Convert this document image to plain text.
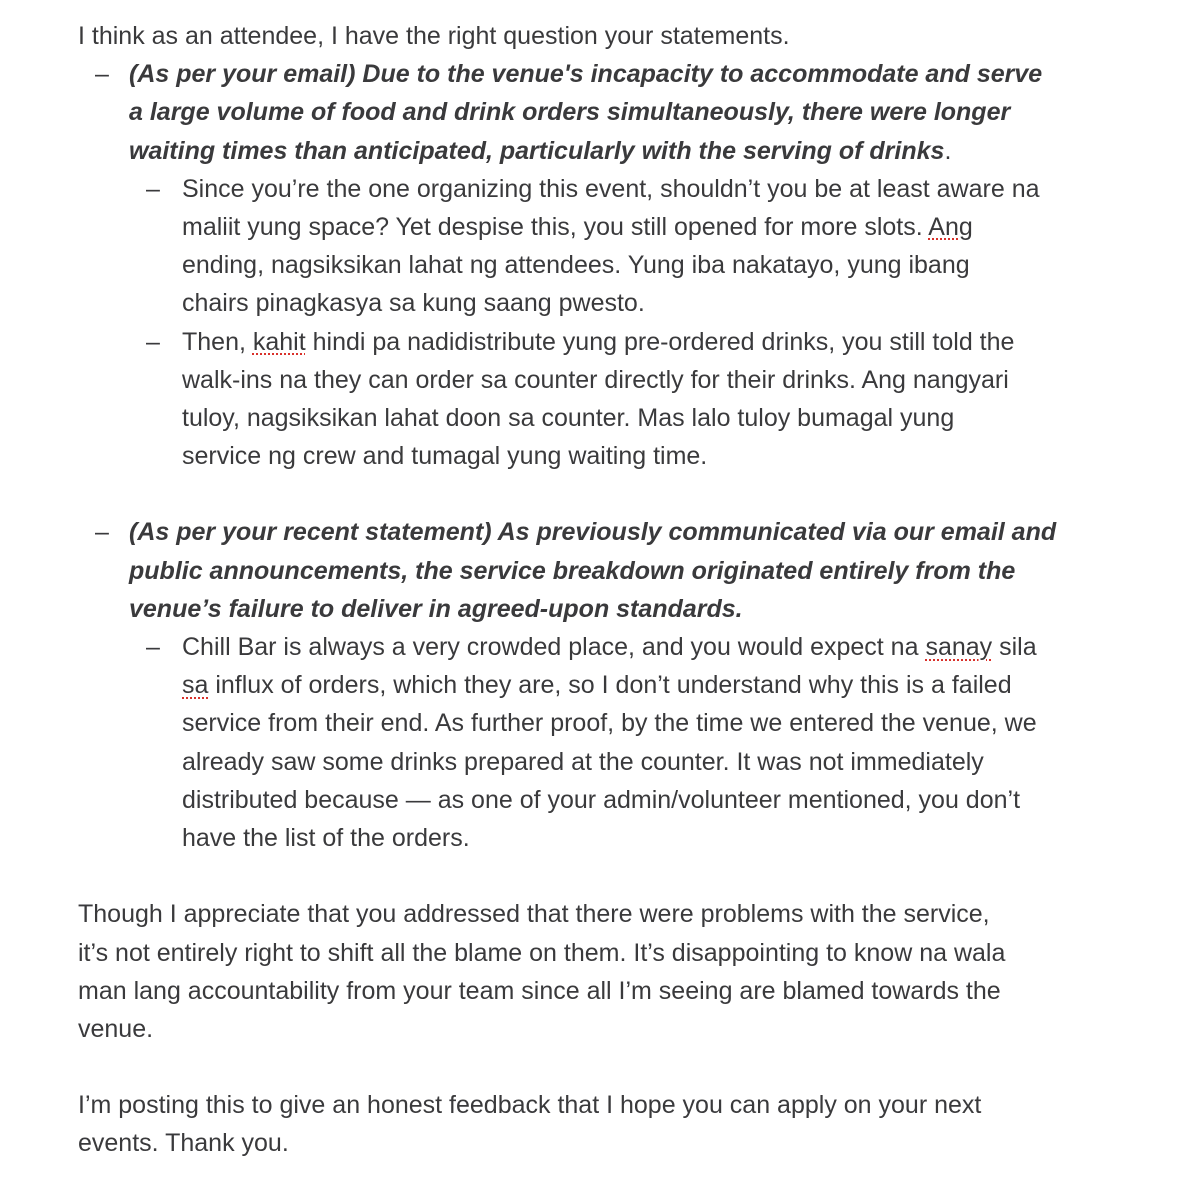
I think as an attendee, I have the right question your statements.
– (As per your email) Due to the venue's incapacity to accommodate and serve
a large volume of food and drink orders simultaneously, there were longer
waiting times than anticipated, particularly with the serving of drinks.
– Since you’re the one organizing this event, shouldn’t you be at least aware na
maliit yung space? Yet despise this, you still opened for more slots. Ang
ending, nagsiksikan lahat ng attendees. Yung iba nakatayo, yung ibang
chairs pinagkasya sa kung saang pwesto.
– Then, kahit hindi pa nadidistribute yung pre-ordered drinks, you still told the
walk-ins na they can order sa counter directly for their drinks. Ang nangyari
tuloy, nagsiksikan lahat doon sa counter. Mas lalo tuloy bumagal yung
service ng crew and tumagal yung waiting time.
– (As per your recent statement) As previously communicated via our email and
public announcements, the service breakdown originated entirely from the
venue’s failure to deliver in agreed-upon standards.
– Chill Bar is always a very crowded place, and you would expect na sanay sila
sa influx of orders, which they are, so I don’t understand why this is a failed
service from their end. As further proof, by the time we entered the venue, we
already saw some drinks prepared at the counter. It was not immediately
distributed because — as one of your admin/volunteer mentioned, you don’t
have the list of the orders.
Though I appreciate that you addressed that there were problems with the service,
it’s not entirely right to shift all the blame on them. It’s disappointing to know na wala
man lang accountability from your team since all I’m seeing are blamed towards the
venue.
I’m posting this to give an honest feedback that I hope you can apply on your next
events. Thank you.
